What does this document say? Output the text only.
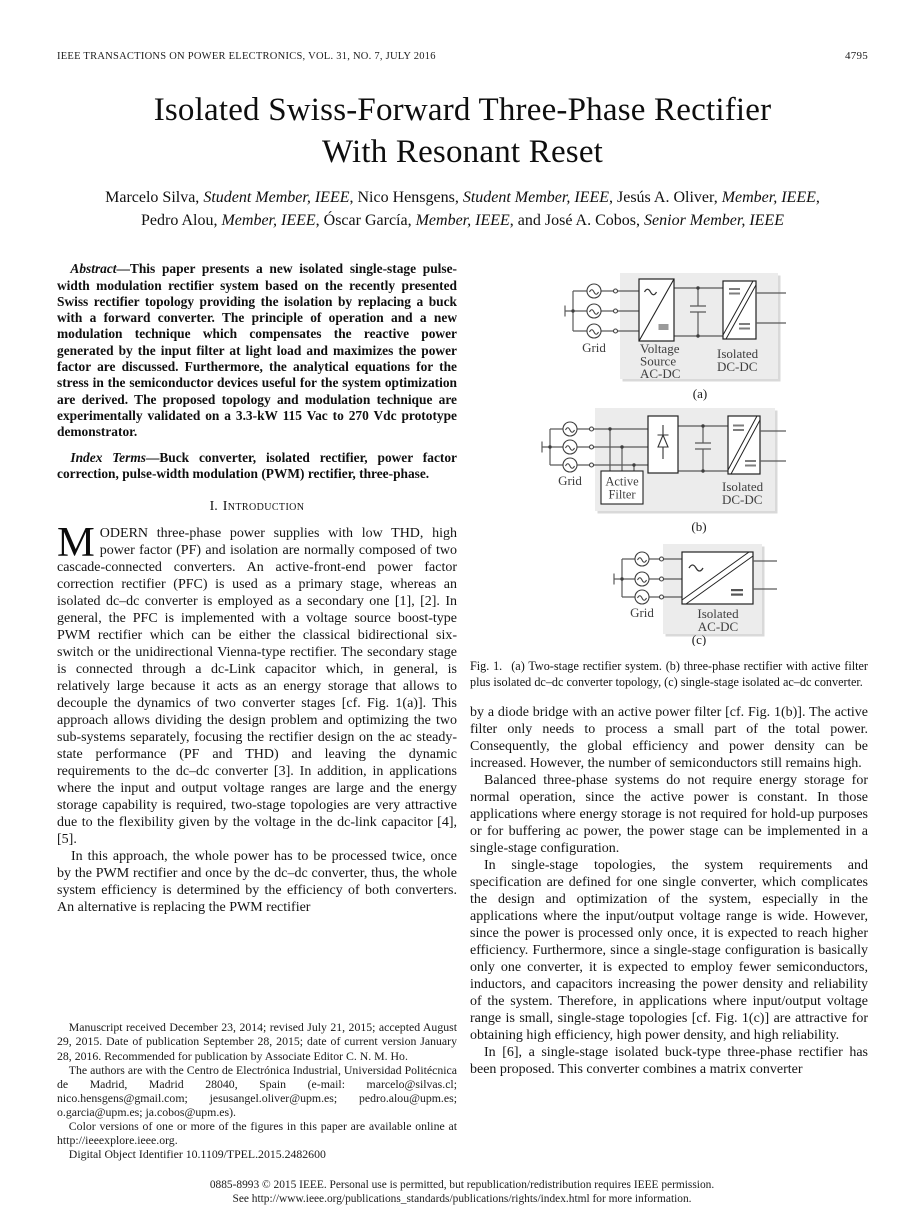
IEEE TRANSACTIONS ON POWER ELECTRONICS, VOL. 31, NO. 7, JULY 2016	4795
Isolated Swiss-Forward Three-Phase Rectifier
With Resonant Reset
Marcelo Silva, Student Member, IEEE, Nico Hensgens, Student Member, IEEE, Jesús A. Oliver, Member, IEEE,
Pedro Alou, Member, IEEE, Óscar García, Member, IEEE, and José A. Cobos, Senior Member, IEEE

Abstract—This paper presents a new isolated single-stage pulse-width modulation rectifier system based on the recently presented Swiss rectifier topology providing the isolation by replacing a buck with a forward converter. The principle of operation and a new modulation technique which compensates the reactive power generated by the input filter at light load and maximizes the power factor are discussed. Furthermore, the analytical equations for the stress in the semiconductor devices useful for the system optimization are derived. The proposed topology and modulation technique are experimentally validated on a 3.3-kW 115 Vac to 270 Vdc prototype demonstrator.

Index Terms—Buck converter, isolated rectifier, power factor correction, pulse-width modulation (PWM) rectifier, three-phase.

I. Introduction

MODERN three-phase power supplies with low THD, high power factor (PF) and isolation are normally composed of two cascade-connected converters. An active-front-end power factor correction rectifier (PFC) is used as a primary stage, whereas an isolated dc–dc converter is employed as a secondary one [1], [2]. In general, the PFC is implemented with a voltage source boost-type PWM rectifier which can be either the classical bidirectional six-switch or the unidirectional Vienna-type rectifier. The secondary stage is connected through a dc-Link capacitor which, in general, is relatively large because it acts as an energy storage that allows to decouple the dynamics of two converter stages [cf. Fig. 1(a)]. This approach allows dividing the design problem and optimizing the two sub-systems separately, focusing the rectifier design on the ac steady-state performance (PF and THD) and leaving the dynamic requirements to the dc–dc converter [3]. In addition, in applications where the input and output voltage ranges are large and the energy storage capability is required, two-stage topologies are very attractive due to the flexibility given by the voltage in the dc-link capacitor [4], [5].

In this approach, the whole power has to be processed twice, once by the PWM rectifier and once by the dc–dc converter, thus, the whole system efficiency is determined by the efficiency of both converters. An alternative is replacing the PWM rectifier

Manuscript received December 23, 2014; revised July 21, 2015; accepted August 29, 2015. Date of publication September 28, 2015; date of current version January 28, 2016. Recommended for publication by Associate Editor C. N. M. Ho.

The authors are with the Centro de Electrónica Industrial, Universidad Politécnica de Madrid, Madrid 28040, Spain (e-mail: marcelo@silvas.cl; nico.hensgens@gmail.com; jesusangel.oliver@upm.es; pedro.alou@upm.es; o.garcia@upm.es; ja.cobos@upm.es).

Color versions of one or more of the figures in this paper are available online at http://ieeexplore.ieee.org.

Digital Object Identifier 10.1109/TPEL.2015.2482600

Grid	Voltage
Source
AC-DC
Isolated
DC-DC
(a)
Active
Filter
Grid	Isolated
DC-DC
(b)
Grid	Isolated
AC-DC
(c)

Fig. 1. (a) Two-stage rectifier system. (b) three-phase rectifier with active filter plus isolated dc–dc converter topology, (c) single-stage isolated ac–dc converter.

by a diode bridge with an active power filter [cf. Fig. 1(b)]. The active filter only needs to process a small part of the total power. Consequently, the global efficiency and power density can be increased. However, the number of semiconductors still remains high.

Balanced three-phase systems do not require energy storage for normal operation, since the active power is constant. In those applications where energy storage is not required for hold-up purposes or for buffering ac power, the power stage can be implemented in a single-stage configuration.

In single-stage topologies, the system requirements and specification are defined for one single converter, which complicates the design and optimization of the system, especially in the applications where the input/output voltage range is wide. However, since the power is processed only once, it is expected to reach higher efficiency. Furthermore, since a single-stage configuration is basically only one converter, it is expected to employ fewer semiconductors, inductors, and capacitors increasing the power density and reliability of the system. Therefore, in applications where input/output voltage range is small, single-stage topologies [cf. Fig. 1(c)] are attractive for obtaining high efficiency, high power density, and high reliability.

In [6], a single-stage isolated buck-type three-phase rectifier has been proposed. This converter combines a matrix converter

0885-8993 © 2015 IEEE. Personal use is permitted, but republication/redistribution requires IEEE permission.
See http://www.ieee.org/publications_standards/publications/rights/index.html for more information.
